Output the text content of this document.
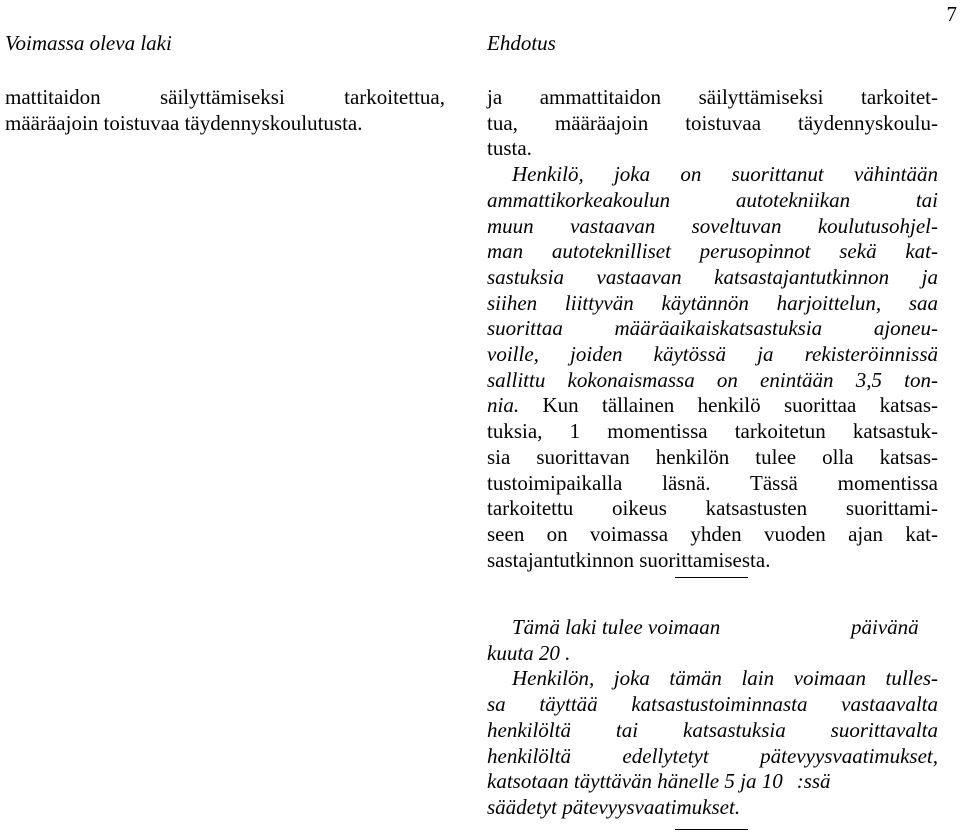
Voimassa oleva laki	Ehdotus
7
mattitaidon säilyttämiseksi tarkoitettua,
määräajoin toistuvaa täydennyskoulutusta.
ja ammattitaidon säilyttämiseksi tarkoitet-
tua, määräajoin toistuvaa täydennyskoulu-
tusta.
Henkilö, joka on suorittanut vähintään
ammattikorkeakoulun autotekniikan tai
muun vastaavan soveltuvan koulutusohjel-
man autoteknilliset perusopinnot sekä kat-
sastuksia vastaavan katsastajantutkinnon ja
siihen liittyvän käytännön harjoittelun, saa
suorittaa määräaikaiskatsastuksia ajoneu-
voille, joiden käytössä ja rekisteröinnissä
sallittu kokonaismassa on enintään 3,5 ton-
nia. Kun tällainen henkilö suorittaa katsas-
tuksia, 1 momentissa tarkoitetun katsastuk-
sia suorittavan henkilön tulee olla katsas-
tustoimipaikalla läsnä. Tässä momentissa
tarkoitettu oikeus katsastusten suorittami-
seen on voimassa yhden vuoden ajan kat-
sastajantutkinnon suorittamisesta.
Tämä laki tulee voimaan	päivänä
kuuta 20 .
Henkilön, joka tämän lain voimaan tulles-
sa täyttää katsastustoiminnasta vastaavalta
henkilöltä tai katsastuksia suorittavalta
henkilöltä edellytetyt pätevyysvaatimukset,
katsotaan täyttävän hänelle 5 ja 10 :ssä
säädetyt pätevyysvaatimukset.
